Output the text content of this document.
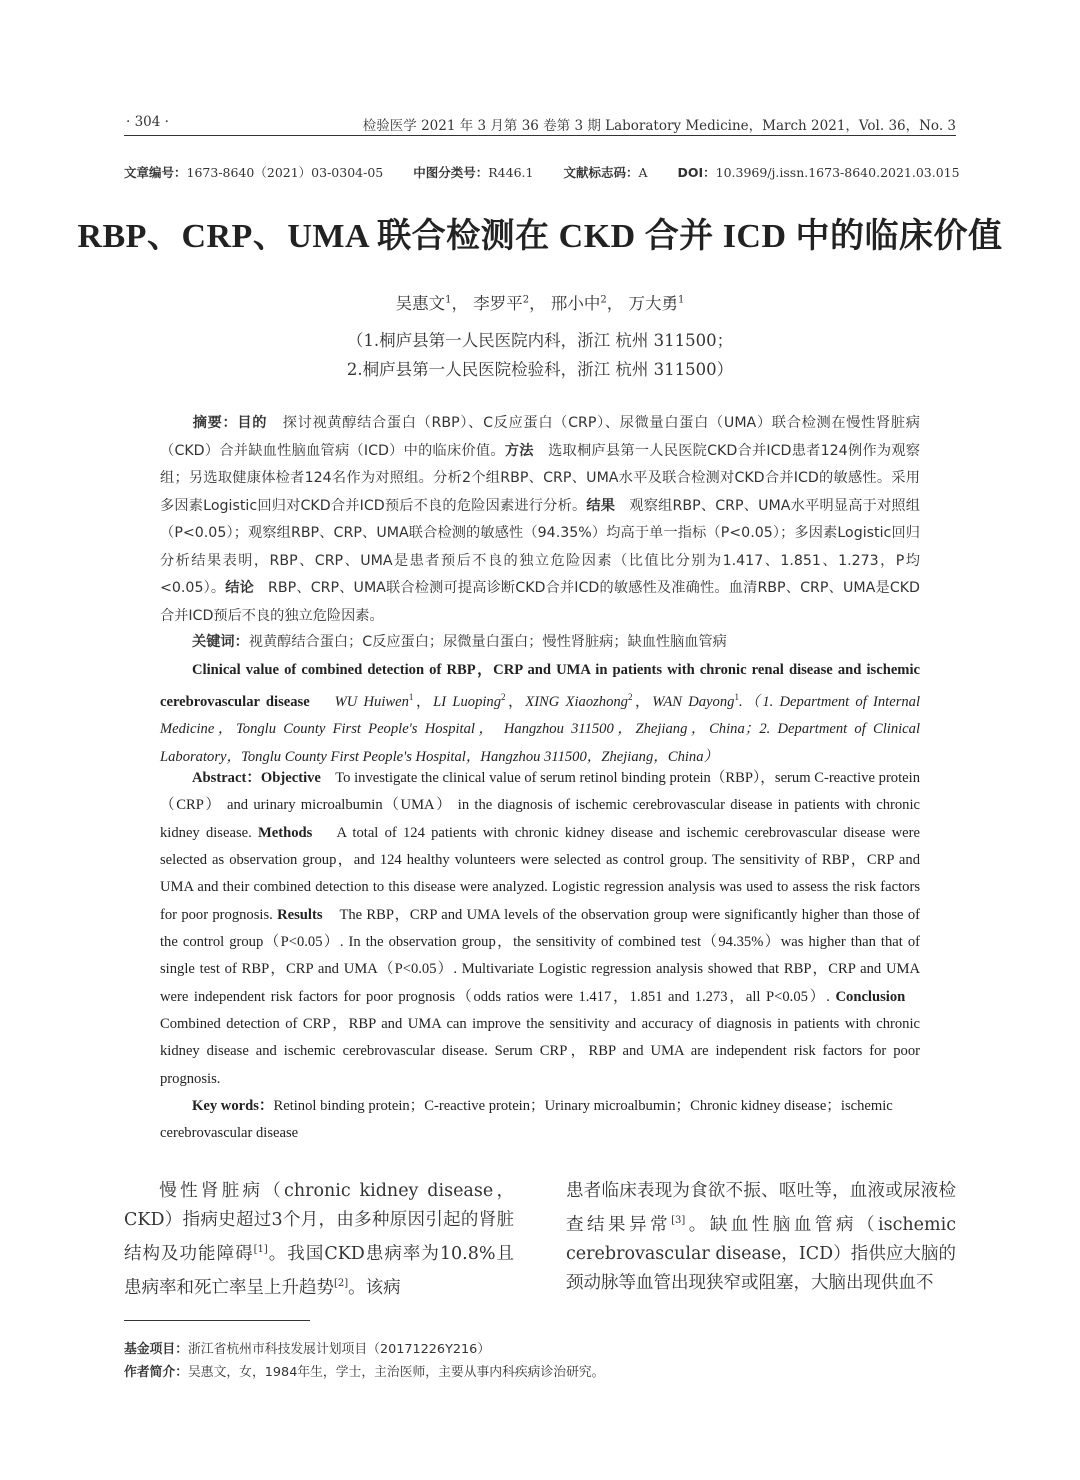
· 304 ·	检验医学 2021 年 3 月第 36 卷第 3 期 Laboratory Medicine，March 2021，Vol. 36，No. 3
文章编号：1673-8640（2021）03-0304-05 中图分类号：R446.1 文献标志码：A DOI：10.3969/j.issn.1673-8640.2021.03.015
RBP、CRP、UMA 联合检测在 CKD 合并 ICD 中的临床价值
吴惠文$^1$， 李罗平$^2$， 邢小中$^2$， 万大勇$^1$
（1.桐庐县第一人民医院内科，浙江 杭州 311500；
2.桐庐县第一人民医院检验科，浙江 杭州 311500）
摘要：目的 探讨视黄醇结合蛋白（RBP）、C反应蛋白（CRP）、尿微量白蛋白（UMA）联合检测在慢性肾脏病（CKD）合并缺血性脑血管病（ICD）中的临床价值。方法 选取桐庐县第一人民医院CKD合并ICD患者124例作为观察组；另选取健康体检者124名作为对照组。分析2个组RBP、CRP、UMA水平及联合检测对CKD合并ICD的敏感性。采用多因素Logistic回归对CKD合并ICD预后不良的危险因素进行分析。结果 观察组RBP、CRP、UMA水平明显高于对照组（P<0.05）；观察组RBP、CRP、UMA联合检测的敏感性（94.35%）均高于单一指标（P<0.05）；多因素Logistic回归分析结果表明，RBP、CRP、UMA是患者预后不良的独立危险因素（比值比分别为1.417、1.851、1.273，P均<0.05）。结论 RBP、CRP、UMA联合检测可提高诊断CKD合并ICD的敏感性及准确性。血清RBP、CRP、UMA是CKD合并ICD预后不良的独立危险因素。
关键词：视黄醇结合蛋白；C反应蛋白；尿微量白蛋白；慢性肾脏病；缺血性脑血管病
Clinical value of combined detection of RBP，CRP and UMA in patients with chronic renal disease and ischemic cerebrovascular disease WU Huiwen$^1$，LI Luoping$^2$，XING Xiaozhong$^2$，WAN Dayong$^1$.（1. Department of Internal Medicine，Tonglu County First People's Hospital， Hangzhou 311500，Zhejiang，China；2. Department of Clinical Laboratory，Tonglu County First People's Hospital，Hangzhou 311500，Zhejiang，China）
Abstract：Objective To investigate the clinical value of serum retinol binding protein（RBP），serum C-reactive protein（CRP） and urinary microalbumin（UMA） in the diagnosis of ischemic cerebrovascular disease in patients with chronic kidney disease. Methods A total of 124 patients with chronic kidney disease and ischemic cerebrovascular disease were selected as observation group，and 124 healthy volunteers were selected as control group. The sensitivity of RBP，CRP and UMA and their combined detection to this disease were analyzed. Logistic regression analysis was used to assess the risk factors for poor prognosis. Results The RBP，CRP and UMA levels of the observation group were significantly higher than those of the control group（P<0.05）. In the observation group，the sensitivity of combined test（94.35%）was higher than that of single test of RBP，CRP and UMA（P<0.05）. Multivariate Logistic regression analysis showed that RBP，CRP and UMA were independent risk factors for poor prognosis（odds ratios were 1.417，1.851 and 1.273，all P<0.05）. Conclusion    Combined detection of CRP，RBP and UMA can improve the sensitivity and accuracy of diagnosis in patients with chronic kidney disease and ischemic cerebrovascular disease. Serum CRP，RBP and UMA are independent risk factors for poor prognosis.
Key words：Retinol binding protein；C-reactive protein；Urinary microalbumin；Chronic kidney disease；ischemic cerebrovascular disease
慢性肾脏病（chronic kidney disease，CKD）指病史超过3个月，由多种原因引起的肾脏结构及功能障碍[1]。我国CKD患病率为10.8%且患病率和死亡率呈上升趋势[2]。该病
患者临床表现为食欲不振、呕吐等，血液或尿液检查结果异常[3]。缺血性脑血管病（ischemic cerebrovascular disease，ICD）指供应大脑的颈动脉等血管出现狭窄或阻塞，大脑出现供血不
基金项目：浙江省杭州市科技发展计划项目（20171226Y216）
作者简介：吴惠文，女，1984年生，学士，主治医师，主要从事内科疾病诊治研究。
